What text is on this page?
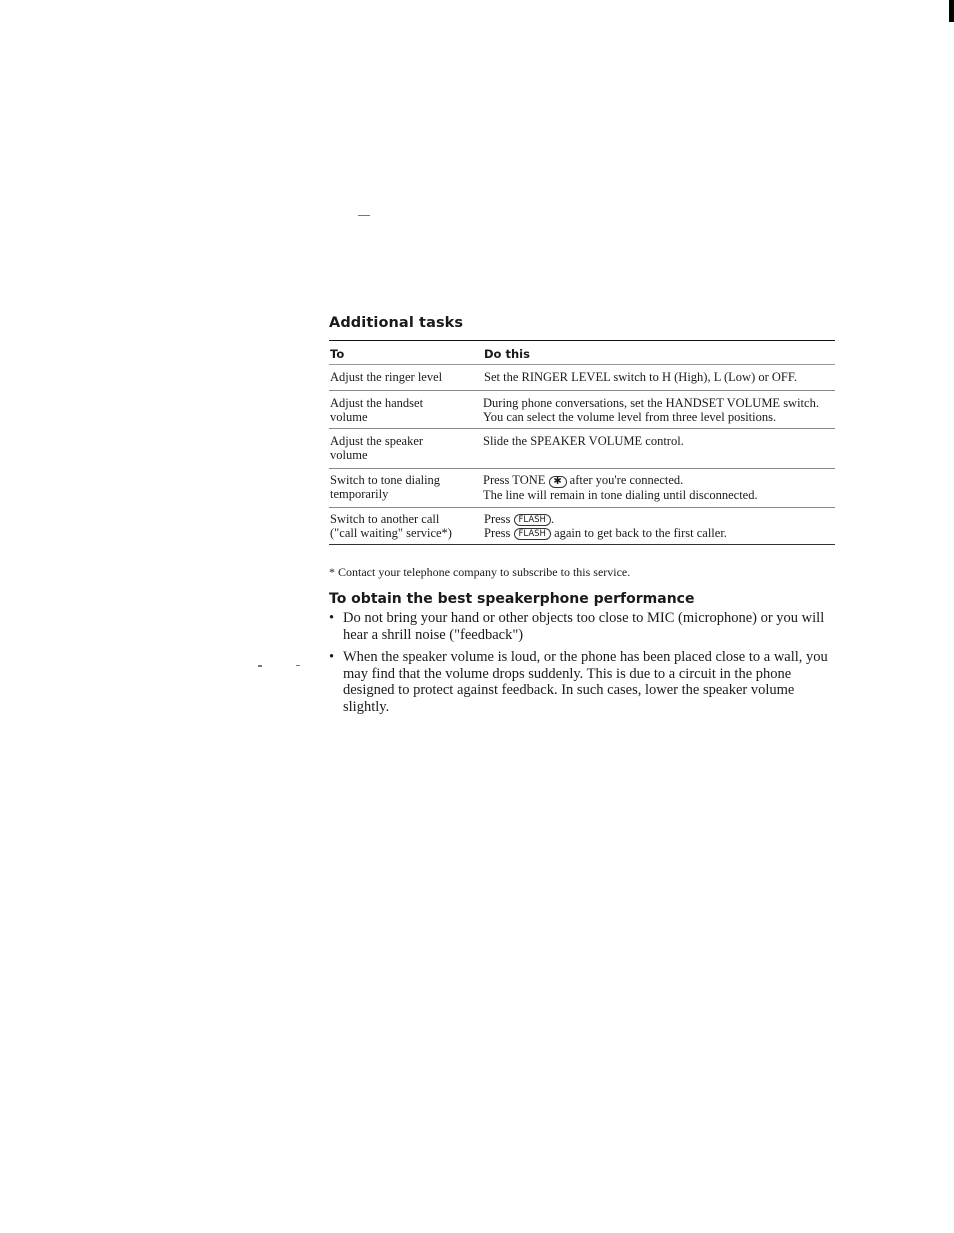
Additional tasks
To	Do this
Adjust the ringer level	Set the RINGER LEVEL switch to H (High), L (Low) or OFF.
Adjust the handset volume
During phone conversations, set the HANDSET VOLUME switch. You can select the volume level from three level positions.
Adjust the speaker volume
Slide the SPEAKER VOLUME control.
Switch to tone dialing temporarily
Press TONE ✱ after you're connected.
The line will remain in tone dialing until disconnected.
Switch to another call
("call waiting" service*)
Press FLASH .
Press FLASH again to get back to the first caller.
* Contact your telephone company to subscribe to this service.
To obtain the best speakerphone performance
• Do not bring your hand or other objects too close to MIC (microphone) or you will hear a shrill noise ("feedback")
• When the speaker volume is loud, or the phone has been placed close to a wall, you may find that the volume drops suddenly. This is due to a circuit in the phone designed to protect against feedback. In such cases, lower the speaker volume slightly.
